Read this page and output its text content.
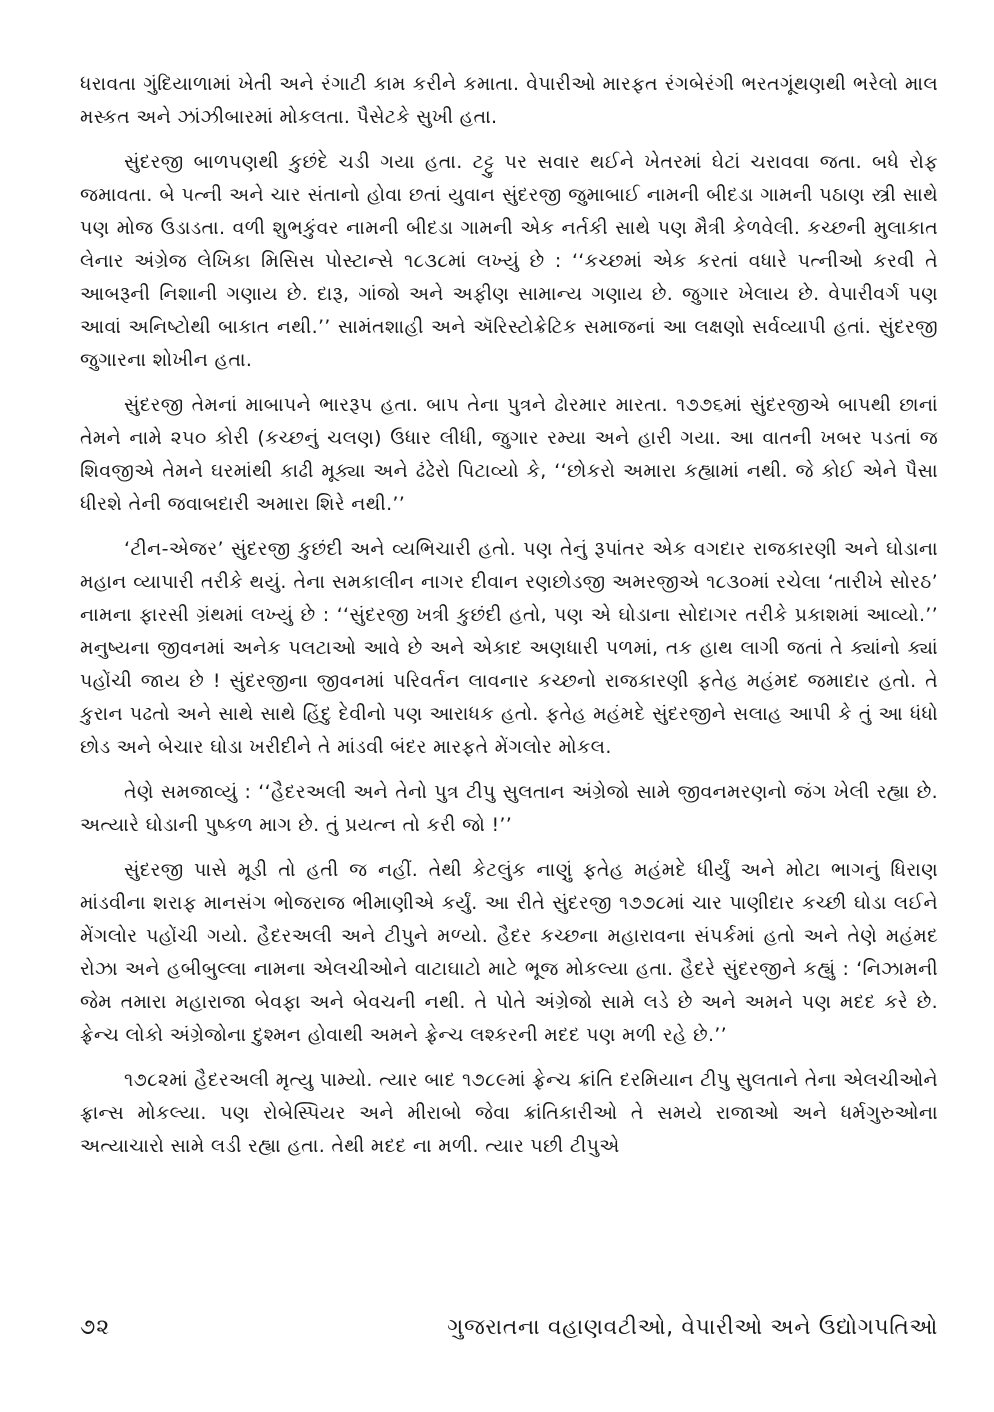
ધરાવતા ગુંદિયાળામાં ખેતી અને રંગાટી કામ કરીને કમાતા. વેપારીઓ મારફત રંગબેરંગી ભરતગૂંથણથી ભરેલો માલ મસ્કત અને ઝાંઝીબારમાં મોકલતા. પૈસેટકે સુખી હતા.

સુંદરજી બાળપણથી કુછંદે ચડી ગયા હતા. ટટ્ટુ પર સવાર થઈને ખેતરમાં ઘેટાં ચરાવવા જતા. બધે રોફ જમાવતા. બે પત્ની અને ચાર સંતાનો હોવા છતાં યુવાન સુંદરજી જુમાબાઈ નામની બીદડા ગામની પઠાણ સ્ત્રી સાથે પણ મોજ ઉડાડતા. વળી શુભકુંવર નામની બીદડા ગામની એક નર્તકી સાથે પણ મૈત્રી કેળવેલી. કચ્છની મુલાકાત લેનાર અંગ્રેજ લેખિકા મિસિસ પોસ્ટાન્સે ૧૮૩૮માં લખ્યું છે : ‘‘કચ્છમાં એક કરતાં વધારે પત્નીઓ કરવી તે આબરૂની નિશાની ગણાય છે. દારૂ, ગાંજો અને અફીણ સામાન્ય ગણાય છે. જુગાર ખેલાય છે. વેપારીવર્ગ પણ આવાં અનિષ્ટોથી બાકાત નથી.’’ સામંતશાહી અને ઍરિસ્ટોક્રેટિક સમાજનાં આ લક્ષણો સર્વવ્યાપી હતાં. સુંદરજી જુગારના શોખીન હતા.

સુંદરજી તેમનાં માબાપને ભારરૂપ હતા. બાપ તેના પુત્રને ઢોરમાર મારતા. ૧૭૭૬માં સુંદરજીએ બાપથી છાનાં તેમને નામે ૨૫૦ કોરી (કચ્છનું ચલણ) ઉધાર લીધી, જુગાર રમ્યા અને હારી ગયા. આ વાતની ખબર પડતાં જ શિવજીએ તેમને ઘરમાંથી કાઢી મૂક્યા અને ઢંઢેરો પિટાવ્યો કે, ‘‘છોકરો અમારા કહ્યામાં નથી. જે કોઈ એને પૈસા ધીરશે તેની જવાબદારી અમારા શિરે નથી.’’

‘ટીન-એજર’ સુંદરજી કુછંદી અને વ્યભિચારી હતો. પણ તેનું રૂપાંતર એક વગદાર રાજકારણી અને ઘોડાના મહાન વ્યાપારી તરીકે થયું. તેના સમકાલીન નાગર દીવાન રણછોડજી અમરજીએ ૧૮૩૦માં રચેલા ‘તારીખે સોરઠ’ નામના ફારસી ગ્રંથમાં લખ્યું છે : ‘‘સુંદરજી ખત્રી કુછંદી હતો, પણ એ ઘોડાના સોદાગર તરીકે પ્રકાશમાં આવ્યો.’’ મનુષ્યના જીવનમાં અનેક પલટાઓ આવે છે અને એકાદ અણધારી પળમાં, તક હાથ લાગી જતાં તે ક્યાંનો ક્યાં પહોંચી જાય છે ! સુંદરજીના જીવનમાં પરિવર્તન લાવનાર કચ્છનો રાજકારણી ફતેહ મહંમદ જમાદાર હતો. તે કુરાન પઢતો અને સાથે સાથે હિંદુ દેવીનો પણ આરાધક હતો. ફતેહ મહંમદે સુંદરજીને સલાહ આપી કે તું આ ધંધો છોડ અને બેચાર ઘોડા ખરીદીને તે માંડવી બંદર મારફતે મેંગલોર મોકલ.

તેણે સમજાવ્યું : ‘‘હૈદરઅલી અને તેનો પુત્ર ટીપુ સુલતાન અંગ્રેજો સામે જીવનમરણનો જંગ ખેલી રહ્યા છે. અત્યારે ઘોડાની પુષ્કળ માગ છે. તું પ્રયત્ન તો કરી જો !’’

સુંદરજી પાસે મૂડી તો હતી જ નહીં. તેથી કેટલુંક નાણું ફતેહ મહંમદે ધીર્યું અને મોટા ભાગનું ધિરાણ માંડવીના શરાફ માનસંગ ભોજરાજ ભીમાણીએ કર્યું. આ રીતે સુંદરજી ૧૭૭૮માં ચાર પાણીદાર કચ્છી ઘોડા લઈને મેંગલોર પહોંચી ગયો. હૈદરઅલી અને ટીપુને મળ્યો. હૈદર કચ્છના મહારાવના સંપર્કમાં હતો અને તેણે મહંમદ રોઝા અને હબીબુલ્લા નામના એલચીઓને વાટાઘાટો માટે ભૂજ મોકલ્યા હતા. હૈદરે સુંદરજીને કહ્યું : ‘નિઝામની જેમ તમારા મહારાજા બેવફા અને બેવચની નથી. તે પોતે અંગ્રેજો સામે લડે છે અને અમને પણ મદદ કરે છે. ફ્રેન્ચ લોકો અંગ્રેજોના દુશ્મન હોવાથી અમને ફ્રેન્ચ લશ્કરની મદદ પણ મળી રહે છે.’’

૧૭૮૨માં હૈદરઅલી મૃત્યુ પામ્યો. ત્યાર બાદ ૧૭૮૯માં ફ્રેન્ચ ક્રાંતિ દરમિયાન ટીપુ સુલતાને તેના એલચીઓને ફ્રાન્સ મોકલ્યા. પણ રોબેસ્પિયર અને મીરાબો જેવા ક્રાંતિકારીઓ તે સમયે રાજાઓ અને ધર્મગુરુઓના અત્યાચારો સામે લડી રહ્યા હતા. તેથી મદદ ના મળી. ત્યાર પછી ટીપુએ

૭૨	ગુજરાતના વહાણવટીઓ, વેપારીઓ અને ઉદ્યોગપતિઓ
